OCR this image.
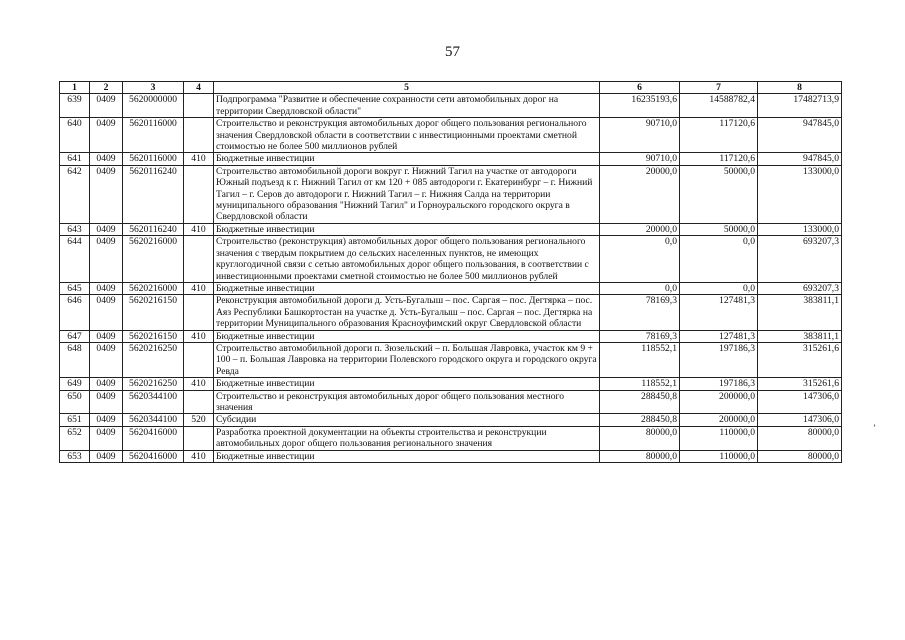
57
1	2	3	4	5	6	7	8
639	0409	5620000000		Подпрограмма "Развитие и обеспечение сохранности сети автомобильных дорог на территории Свердловской области"	16235193,6	14588782,4	17482713,9
640	0409	5620116000		Строительство и реконструкция автомобильных дорог общего пользования регионального значения Свердловской области в соответствии с инвестиционными проектами сметной стоимостью не более 500 миллионов рублей	90710,0	117120,6	947845,0
641	0409	5620116000	410	Бюджетные инвестиции	90710,0	117120,6	947845,0
642	0409	5620116240		Строительство автомобильной дороги вокруг г. Нижний Тагил на участке от автодороги Южный подъезд к г. Нижний Тагил от км 120 + 085 автодороги г. Екатеринбург – г. Нижний Тагил – г. Серов до автодороги г. Нижний Тагил – г. Нижняя Салда на территории муниципального образования "Нижний Тагил" и Горноуральского городского округа в Свердловской области	20000,0	50000,0	133000,0
643	0409	5620116240	410	Бюджетные инвестиции	20000,0	50000,0	133000,0
644	0409	5620216000		Строительство (реконструкция) автомобильных дорог общего пользования регионального значения с твердым покрытием до сельских населенных пунктов, не имеющих круглогодичной связи с сетью автомобильных дорог общего пользования, в соответствии с инвестиционными проектами сметной стоимостью не более 500 миллионов рублей	0,0	0,0	693207,3
645	0409	5620216000	410	Бюджетные инвестиции	0,0	0,0	693207,3
646	0409	5620216150		Реконструкция автомобильной дороги д. Усть-Бугалыш – пос. Саргая – пос. Дегтярка – пос. Аяз Республики Башкортостан на участке д. Усть-Бугалыш – пос. Саргая – пос. Дегтярка на территории Муниципального образования Красноуфимский округ Свердловской области	78169,3	127481,3	383811,1
647	0409	5620216150	410	Бюджетные инвестиции	78169,3	127481,3	383811,1
648	0409	5620216250		Строительство автомобильной дороги п. Зюзельский – п. Большая Лавровка, участок км 9 + 100 – п. Большая Лавровка на территории Полевского городского округа и городского округа Ревда	118552,1	197186,3	315261,6
649	0409	5620216250	410	Бюджетные инвестиции	118552,1	197186,3	315261,6
650	0409	5620344100		Строительство и реконструкция автомобильных дорог общего пользования местного значения	288450,8	200000,0	147306,0
651	0409	5620344100	520	Субсидии	288450,8	200000,0	147306,0
652	0409	5620416000		Разработка проектной документации на объекты строительства и реконструкции автомобильных дорог общего пользования регионального значения	80000,0	110000,0	80000,0
653	0409	5620416000	410	Бюджетные инвестиции	80000,0	110000,0	80000,0
’
